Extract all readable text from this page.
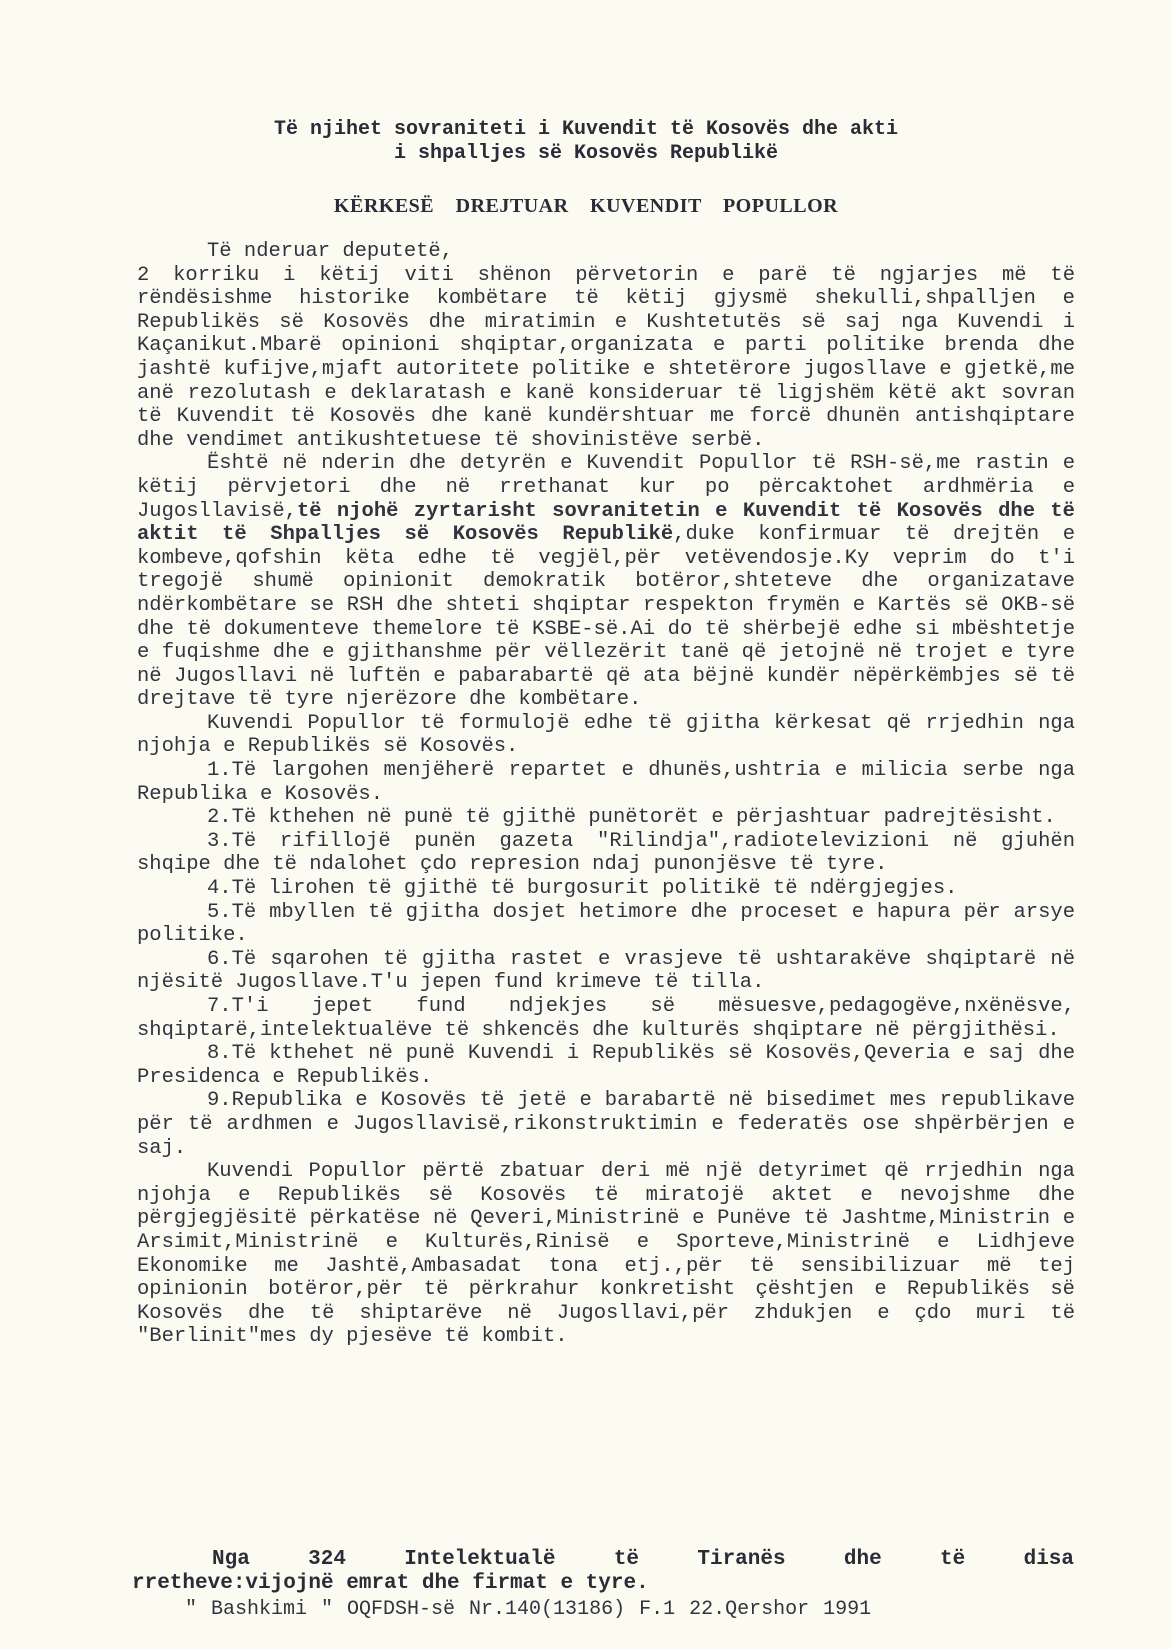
Të njihet sovraniteti i Kuvendit të Kosovës dhe akti
i shpalljes së Kosovës Republikë
KËRKESË DREJTUAR KUVENDIT POPULLOR

Të nderuar deputetë,

2 korriku i këtij viti shënon përvetorin e parë të ngjarjes më të rëndësishme historike kombëtare të këtij gjysmë shekulli,shpalljen e Republikës së Kosovës dhe miratimin e Kushtetutës së saj nga Kuvendi i Kaçanikut.Mbarë opinioni shqiptar,organizata e parti politike brenda dhe jashtë kufijve,mjaft autoritete politike e shtetërore jugosllave e gjetkë,me anë rezolutash e deklaratash e kanë konsideruar të ligjshëm këtë akt sovran të Kuvendit të Kosovës dhe kanë kundërshtuar me forcë dhunën antishqiptare dhe vendimet antikushtetuese të shovinistëve serbë.

Është në nderin dhe detyrën e Kuvendit Popullor të RSH-së,me rastin e këtij përvjetori dhe në rrethanat kur po përcaktohet ardhmëria e Jugosllavisë,të njohë zyrtarisht sovranitetin e Kuvendit të Kosovës dhe të aktit të Shpalljes së Kosovës Republikë,duke konfirmuar të drejtën e kombeve,qofshin këta edhe të vegjël,për vetëvendosje.Ky veprim do t'i tregojë shumë opinionit demokratik botëror,shteteve dhe organizatave ndërkombëtare se RSH dhe shteti shqiptar respekton frymën e Kartës së OKB-së dhe të dokumenteve themelore të KSBE-së.Ai do të shërbejë edhe si mbështetje e fuqishme dhe e gjithanshme për vëllezërit tanë që jetojnë në trojet e tyre në Jugosllavi në luftën e pabarabartë që ata bëjnë kundër nëpërkëmbjes së të drejtave të tyre njerëzore dhe kombëtare.

Kuvendi Popullor të formulojë edhe të gjitha kërkesat që rrjedhin nga njohja e Republikës së Kosovës.

1.Të largohen menjëherë repartet e dhunës,ushtria e milicia serbe nga Republika e Kosovës.

2.Të kthehen në punë të gjithë punëtorët e përjashtuar padrejtësisht.

3.Të rifillojë punën gazeta "Rilindja",radiotelevizioni në gjuhën shqipe dhe të ndalohet çdo represion ndaj punonjësve të tyre.

4.Të lirohen të gjithë të burgosurit politikë të ndërgjegjes.

5.Të mbyllen të gjitha dosjet hetimore dhe proceset e hapura për arsye politike.

6.Të sqarohen të gjitha rastet e vrasjeve të ushtarakëve shqiptarë në njësitë Jugosllave.T'u jepen fund krimeve të tilla.

7.T'i jepet fund ndjekjes së mësuesve,pedagogëve,nxënësve, shqiptarë,intelektualëve të shkencës dhe kulturës shqiptare në përgjithësi.

8.Të kthehet në punë Kuvendi i Republikës së Kosovës,Qeveria e saj dhe Presidenca e Republikës.

9.Republika e Kosovës të jetë e barabartë në bisedimet mes republikave për të ardhmen e Jugosllavisë,rikonstruktimin e federatës ose shpërbërjen e saj.

Kuvendi Popullor përtë zbatuar deri më një detyrimet që rrjedhin nga njohja e Republikës së Kosovës të miratojë aktet e nevojshme dhe përgjegjësitë përkatëse në Qeveri,Ministrinë e Punëve të Jashtme,Ministrin e Arsimit,Ministrinë e Kulturës,Rinisë e Sporteve,Ministrinë e Lidhjeve Ekonomike me Jashtë,Ambasadat tona etj.,për të sensibilizuar më tej opinionin botëror,për të përkrahur konkretisht çështjen e Republikës së Kosovës dhe të shiptarëve në Jugosllavi,për zhdukjen e çdo muri të "Berlinit"mes dy pjesëve të kombit.

Nga 324 Intelektualë të Tiranës dhe të disa
rretheve:vijojnë emrat dhe firmat e tyre.
" Bashkimi " OQFDSH-së Nr.140(13186) F.1 22.Qershor 1991
